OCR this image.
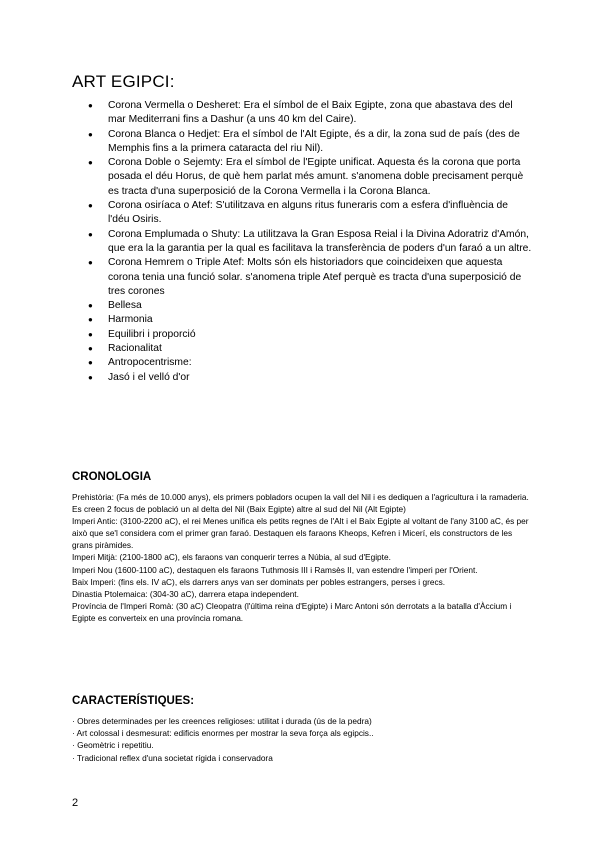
ART EGIPCI:
● Corona Vermella o Desheret: Era el símbol de el Baix Egipte, zona que abastava des del mar Mediterrani fins a Dashur (a uns 40 km del Caire).
● Corona Blanca o Hedjet: Era el símbol de l'Alt Egipte, és a dir, la zona sud de país (des de Memphis fins a la primera cataracta del riu Nil).
● Corona Doble o Sejemty: Era el símbol de l'Egipte unificat. Aquesta és la corona que porta posada el déu Horus, de què hem parlat més amunt. s'anomena doble precisament perquè es tracta d'una superposició de la Corona Vermella i la Corona Blanca.
● Corona osiríaca o Atef: S'utilitzava en alguns ritus funeraris com a esfera d'influència de l'déu Osiris.
● Corona Emplumada o Shuty: La utilitzava la Gran Esposa Reial i la Divina Adoratriz d'Amón, que era la la garantia per la qual es facilitava la transferència de poders d'un faraó a un altre.
● Corona Hemrem o Triple Atef: Molts són els historiadors que coincideixen que aquesta corona tenia una funció solar. s'anomena triple Atef perquè es tracta d'una superposició de tres corones
● Bellesa
● Harmonia
● Equilibri i proporció
● Racionalitat
● Antropocentrisme:
● Jasó i el velló d'or
CRONOLOGIA

Prehistòria: (Fa més de 10.000 anys), els primers pobladors ocupen la vall del Nil i es dediquen a l'agricultura i la ramaderia. Es creen 2 focus de població un al delta del Nil (Baix Egipte) altre al sud del Nil (Alt Egipte)

Imperi Antic: (3100-2200 aC), el rei Menes unifica els petits regnes de l'Alt i el Baix Egipte al voltant de l'any 3100 aC, és per això que se'l considera com el primer gran faraó. Destaquen els faraons Kheops, Kefren i Micerí, els constructors de les grans piràmides.

Imperi Mitjà: (2100-1800 aC), els faraons van conquerir terres a Núbia, al sud d'Egipte.

Imperi Nou (1600-1100 aC), destaquen els faraons Tuthmosis III i Ramsès II, van estendre l'imperi per l'Orient.

Baix Imperi: (fins els. IV aC), els darrers anys van ser dominats per pobles estrangers, perses i grecs.

Dinastia Ptolemaica: (304-30 aC), darrera etapa independent.

Província de l'Imperi Romà: (30 aC) Cleopatra (l'última reina d'Egipte) i Marc Antoni són derrotats a la batalla d'Àccium i Egipte es converteix en una província romana.

CARACTERÍSTIQUES:

· Obres determinades per les creences religioses: utilitat i durada (ús de la pedra)

· Art colossal i desmesurat: edificis enormes per mostrar la seva força als egipcis..

· Geomètric i repetitiu.

· Tradicional reflex d'una societat rígida i conservadora

2
